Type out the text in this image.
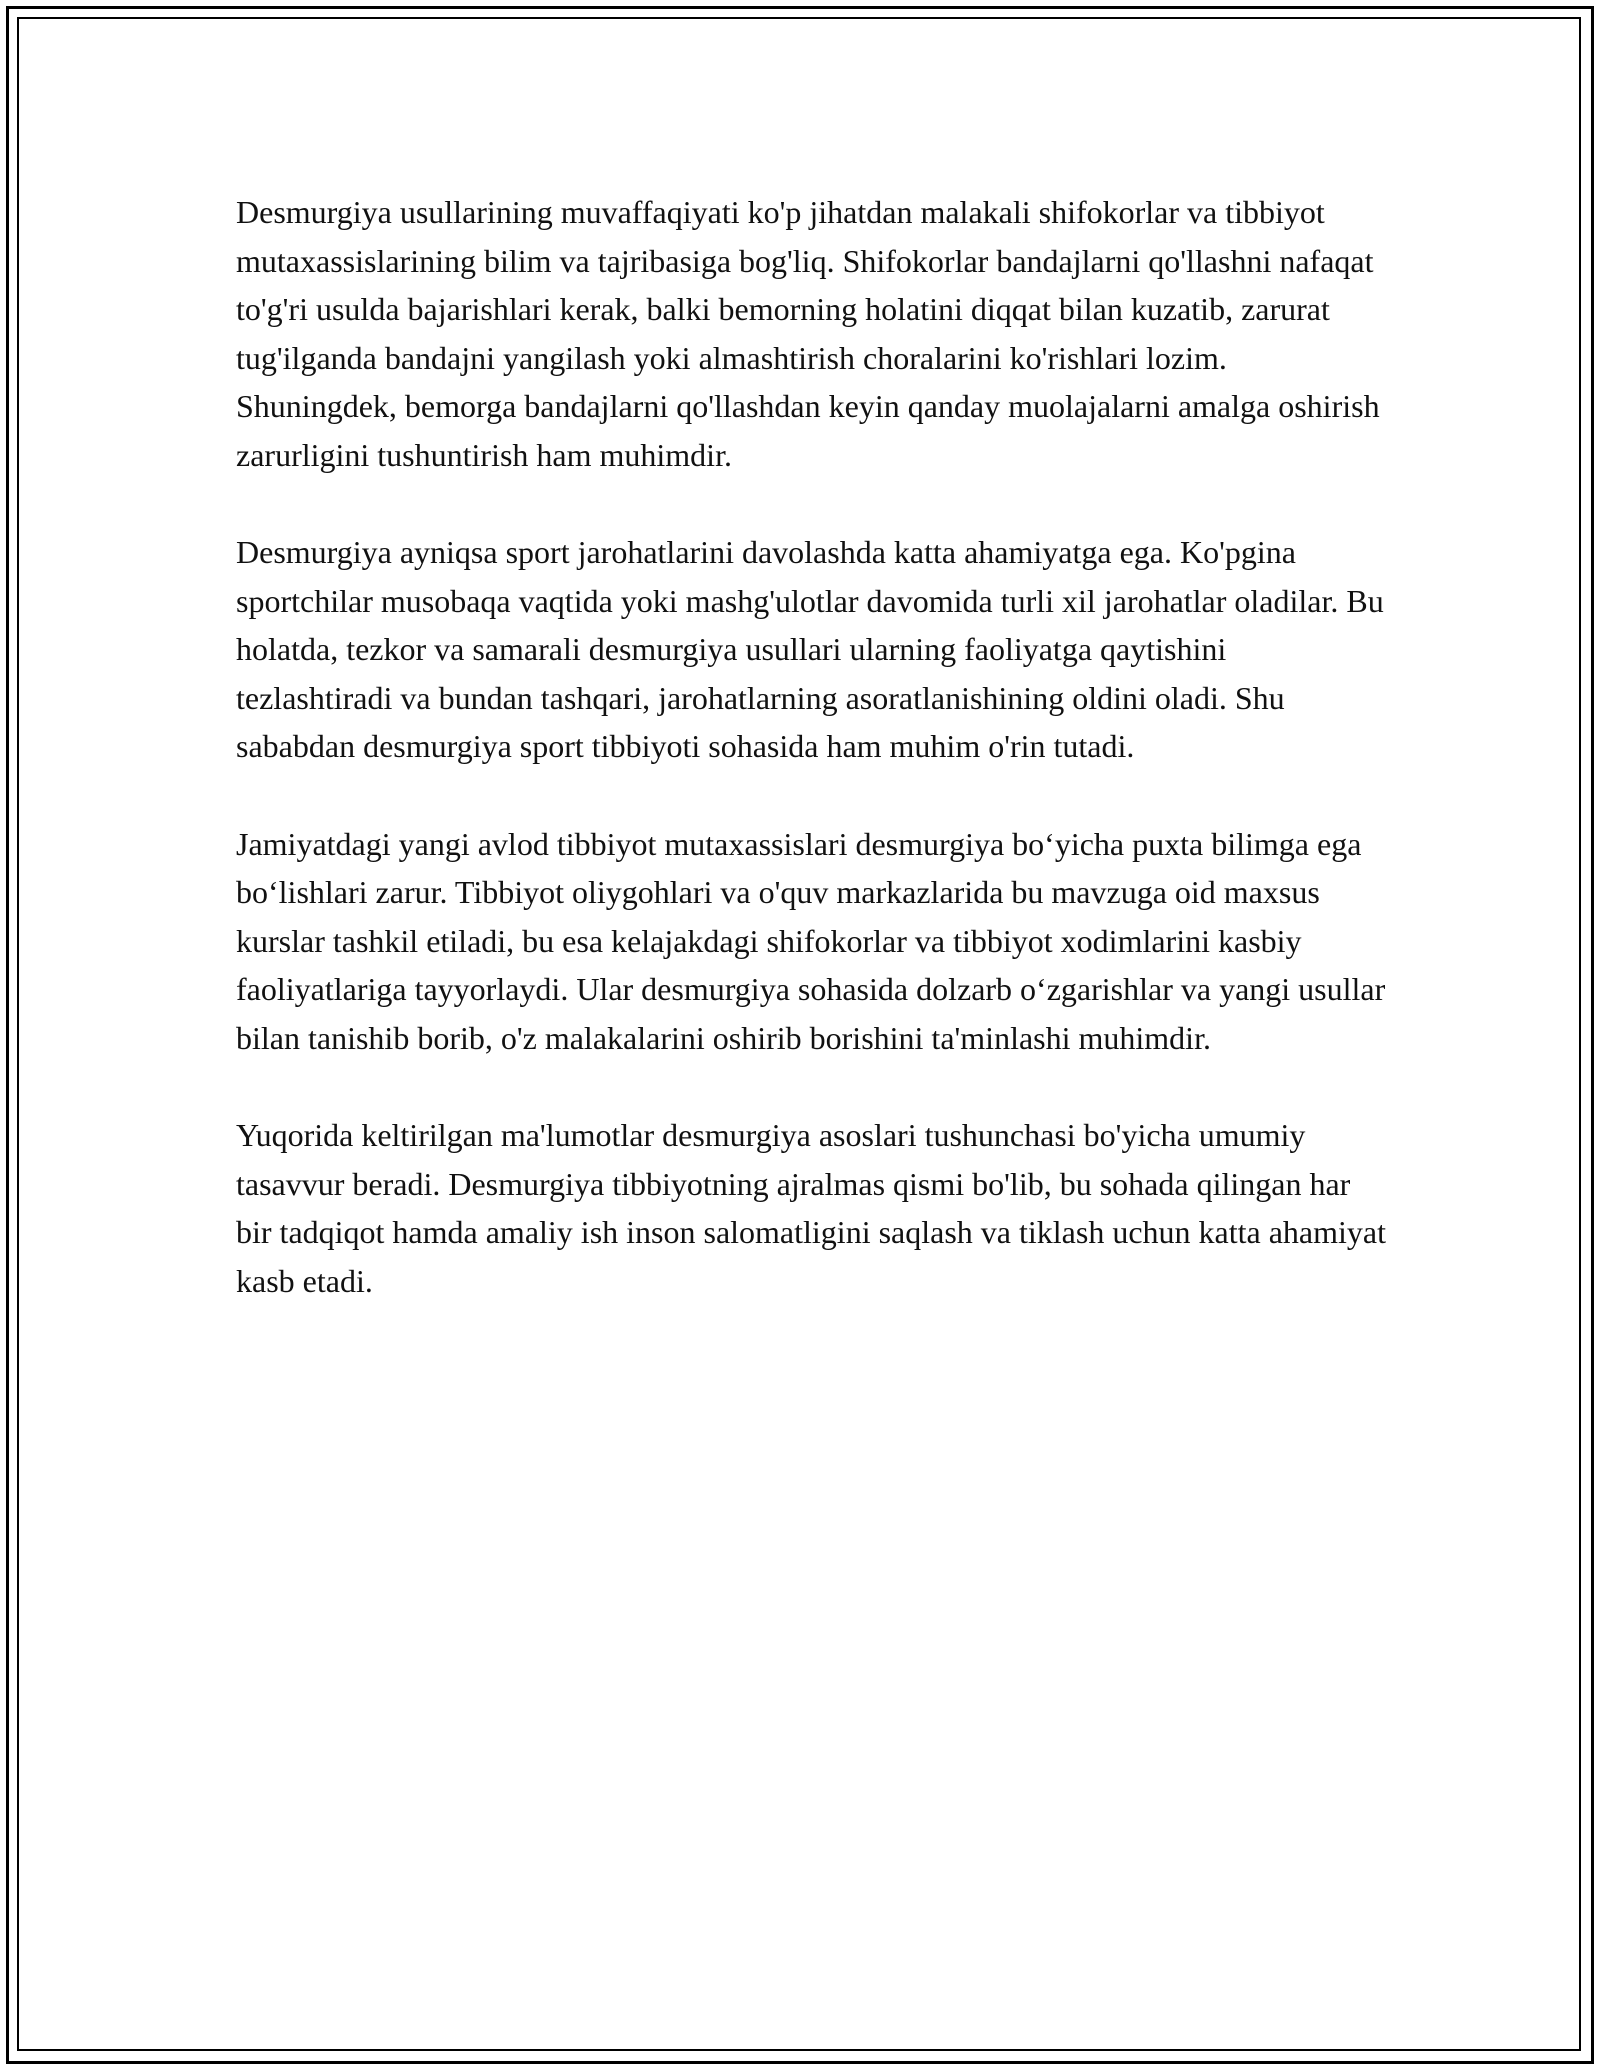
Desmurgiya usullarining muvaffaqiyati ko'p jihatdan malakali shifokorlar va tibbiyot mutaxassislarining bilim va tajribasiga bog'liq. Shifokorlar bandajlarni qo'llashni nafaqat to'g'ri usulda bajarishlari kerak, balki bemorning holatini diqqat bilan kuzatib, zarurat tug'ilganda bandajni yangilash yoki almashtirish choralarini ko'rishlari lozim. Shuningdek, bemorga bandajlarni qo'llashdan keyin qanday muolajalarni amalga oshirish zarurligini tushuntirish ham muhimdir.

Desmurgiya ayniqsa sport jarohatlarini davolashda katta ahamiyatga ega. Ko'pgina sportchilar musobaqa vaqtida yoki mashg'ulotlar davomida turli xil jarohatlar oladilar. Bu holatda, tezkor va samarali desmurgiya usullari ularning faoliyatga qaytishini tezlashtiradi va bundan tashqari, jarohatlarning asoratlanishining oldini oladi. Shu sababdan desmurgiya sport tibbiyoti sohasida ham muhim o'rin tutadi.

Jamiyatdagi yangi avlod tibbiyot mutaxassislari desmurgiya bo‘yicha puxta bilimga ega bo‘lishlari zarur. Tibbiyot oliygohlari va o'quv markazlarida bu mavzuga oid maxsus kurslar tashkil etiladi, bu esa kelajakdagi shifokorlar va tibbiyot xodimlarini kasbiy faoliyatlariga tayyorlaydi. Ular desmurgiya sohasida dolzarb o‘zgarishlar va yangi usullar bilan tanishib borib, o'z malakalarini oshirib borishini ta'minlashi muhimdir.

Yuqorida keltirilgan ma'lumotlar desmurgiya asoslari tushunchasi bo'yicha umumiy tasavvur beradi. Desmurgiya tibbiyotning ajralmas qismi bo'lib, bu sohada qilingan har bir tadqiqot hamda amaliy ish inson salomatligini saqlash va tiklash uchun katta ahamiyat kasb etadi.
